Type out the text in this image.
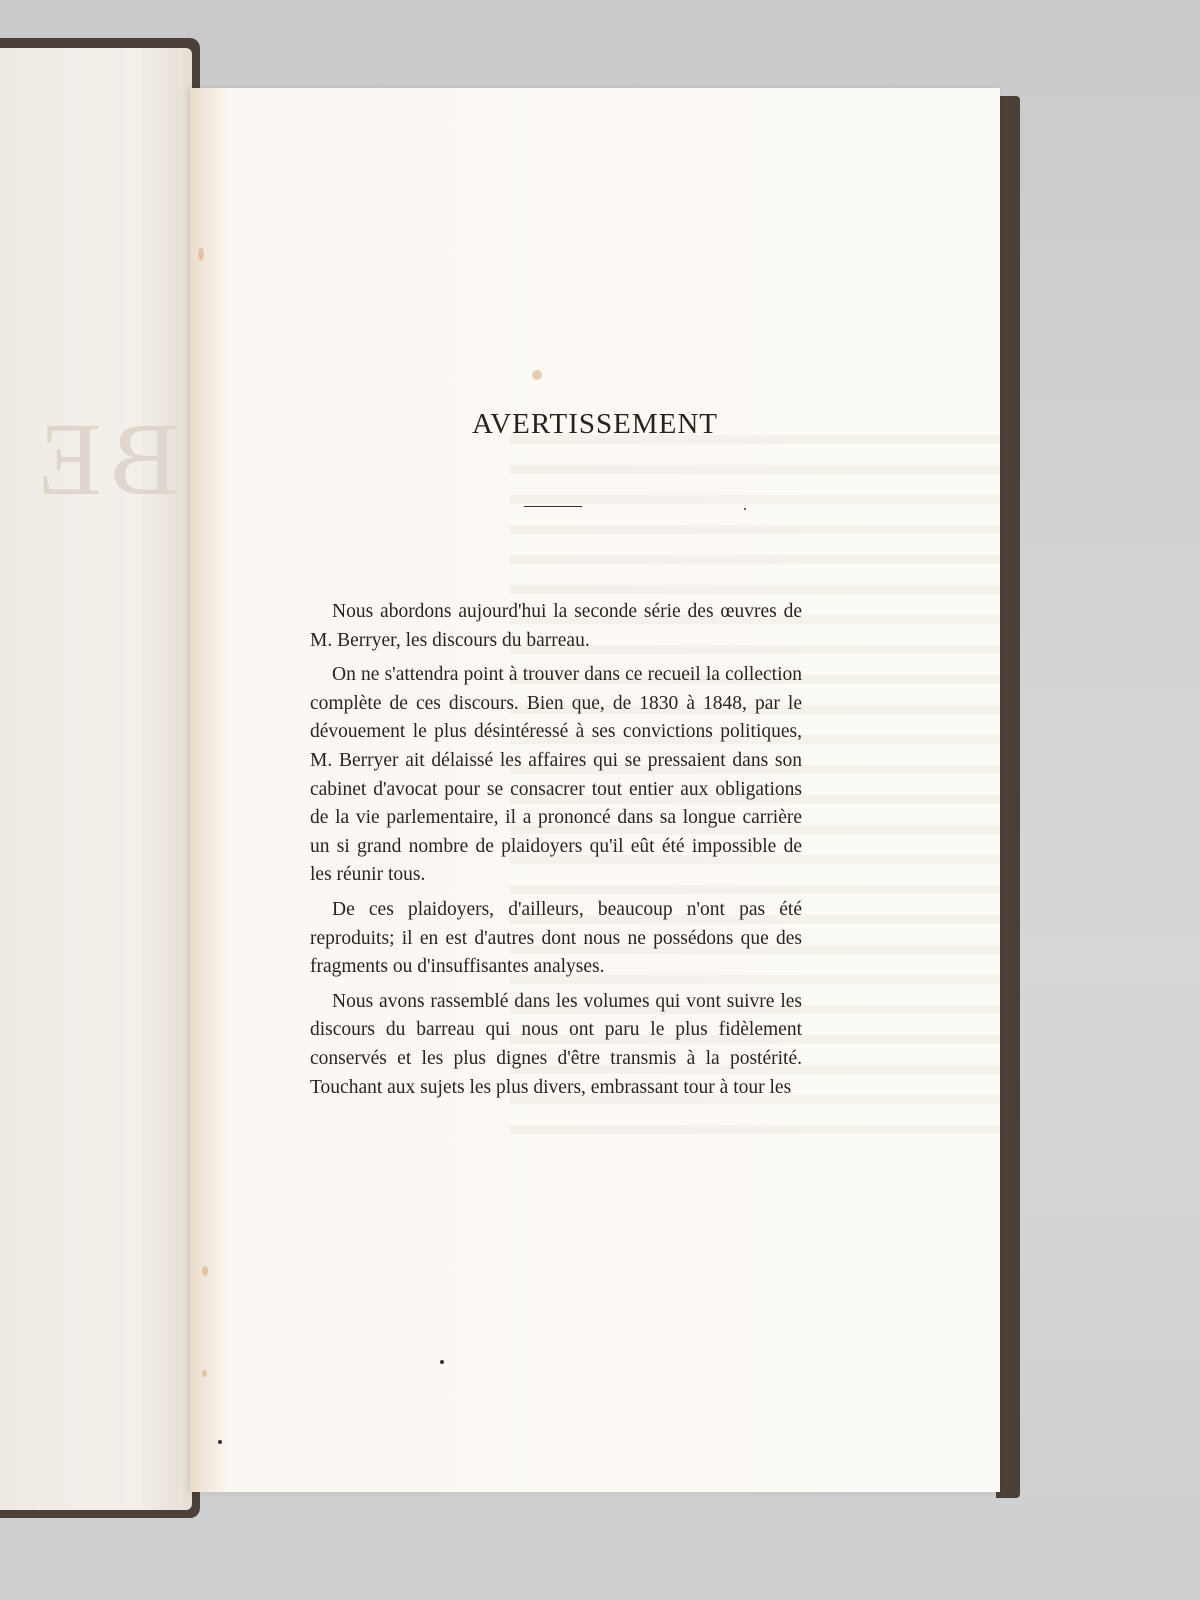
BE	AVERTISSEMENT

Nous abordons aujourd'hui la seconde série des œuvres de M. Berryer, les discours du barreau.

On ne s'attendra point à trouver dans ce recueil la collection complète de ces discours. Bien que, de 1830 à 1848, par le dévouement le plus désintéressé à ses convictions politiques, M. Berryer ait délaissé les affaires qui se pressaient dans son cabinet d'avocat pour se consacrer tout entier aux obligations de la vie parlementaire, il a prononcé dans sa longue carrière un si grand nombre de plaidoyers qu'il eût été impossible de les réunir tous.

De ces plaidoyers, d'ailleurs, beaucoup n'ont pas été reproduits; il en est d'autres dont nous ne possédons que des fragments ou d'insuffisantes analyses.

Nous avons rassemblé dans les volumes qui vont suivre les discours du barreau qui nous ont paru le plus fidèlement conservés et les plus dignes d'être transmis à la postérité. Touchant aux sujets les plus divers, embrassant tour à tour les
